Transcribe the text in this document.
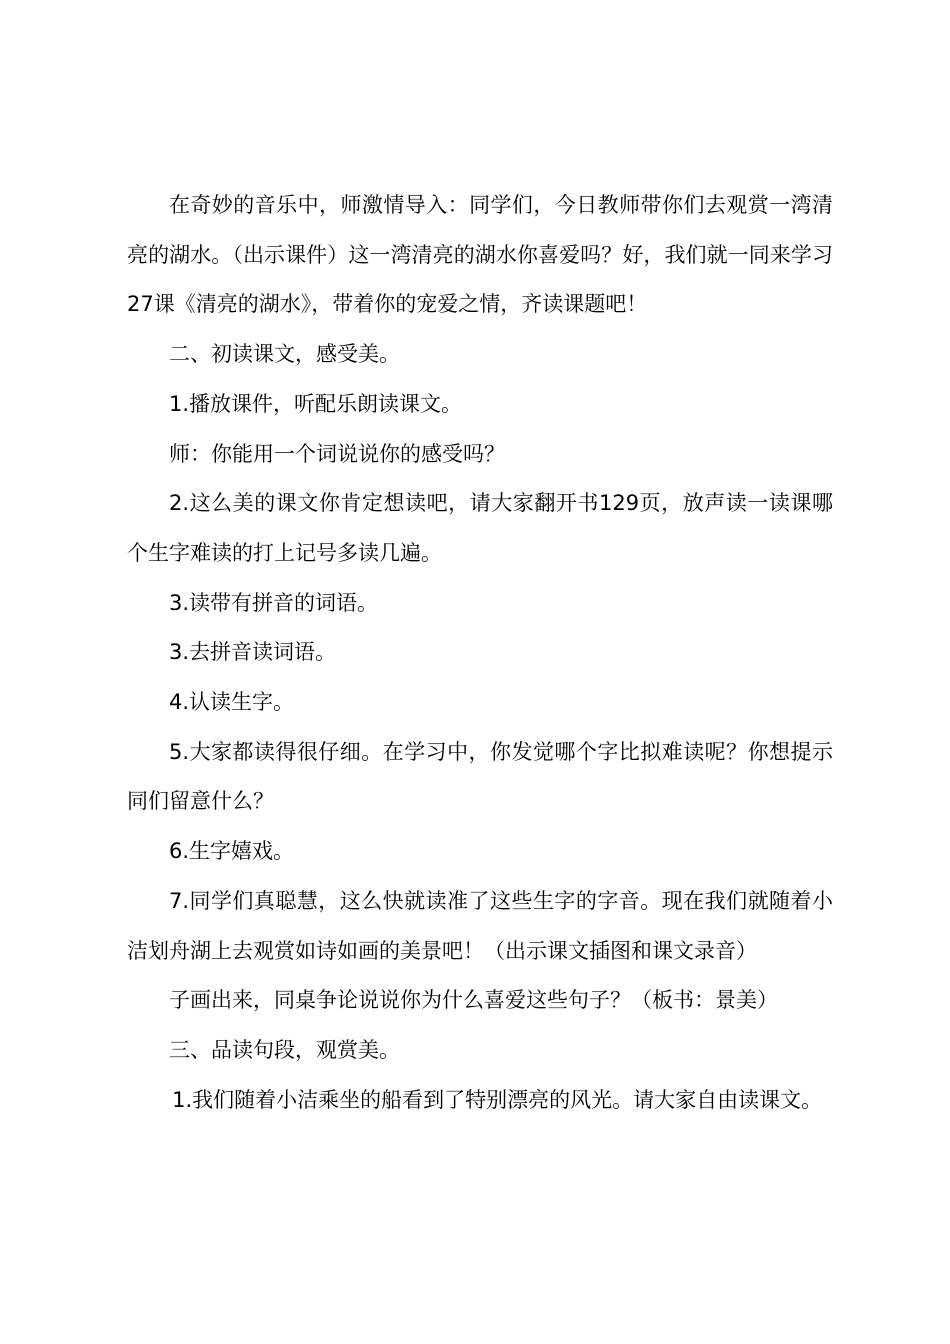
在奇妙的音乐中，师激情导入：同学们，今日教师带你们去观赏一湾清亮的湖水。（出示课件）这一湾清亮的湖水你喜爱吗？好，我们就一同来学习27课《清亮的湖水》，带着你的宠爱之情，齐读课题吧！

二、初读课文，感受美。

1.播放课件，听配乐朗读课文。

师：你能用一个词说说你的感受吗？

2.这么美的课文你肯定想读吧，请大家翻开书129页，放声读一读课哪个生字难读的打上记号多读几遍。

3.读带有拼音的词语。

3.去拼音读词语。

4.认读生字。

5.大家都读得很仔细。在学习中，你发觉哪个字比拟难读呢？你想提示同们留意什么？

6.生字嬉戏。

7.同学们真聪慧，这么快就读准了这些生字的字音。现在我们就随着小洁划舟湖上去观赏如诗如画的美景吧！（出示课文插图和课文录音）

子画出来，同桌争论说说你为什么喜爱这些句子？（板书：景美）

三、品读句段，观赏美。

1.我们随着小洁乘坐的船看到了特别漂亮的风光。请大家自由读课文。
